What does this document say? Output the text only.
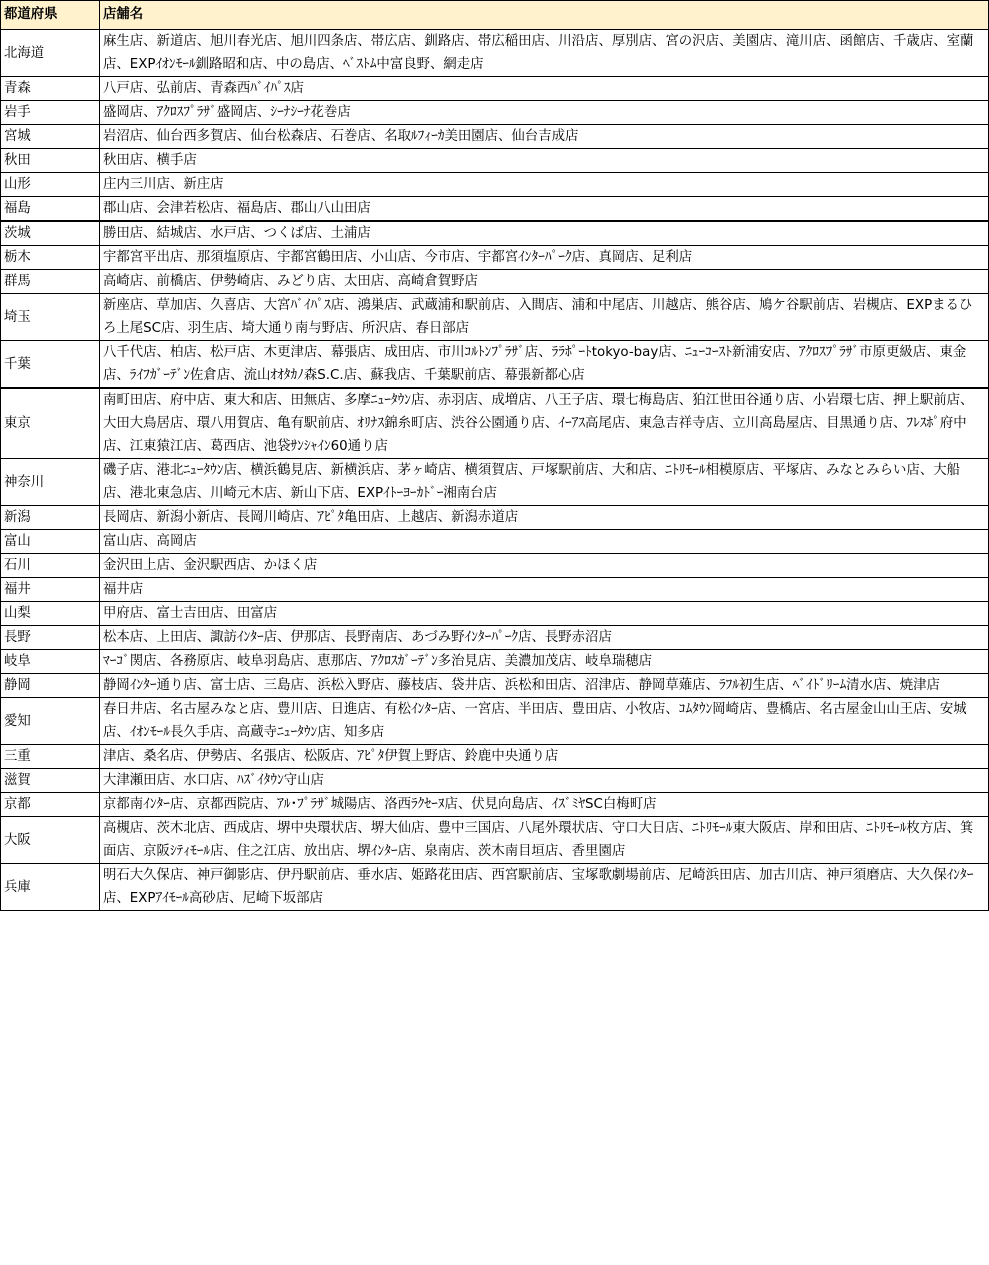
都道府県	店舗名
北海道	麻生店、新道店、旭川春光店、旭川四条店、帯広店、釧路店、帯広稲田店、川沿店、厚別店、宮の沢店、美園店、滝川店、函館店、千歳店、室蘭店、EXPｲｵﾝﾓｰﾙ釧路昭和店、中の島店、ﾍﾞｽﾄﾑ中富良野、網走店
青森	八戸店、弘前店、青森西ﾊﾞｲﾊﾟｽ店
岩手	盛岡店、ｱｸﾛｽﾌﾟﾗｻﾞ盛岡店、ｼｰﾅｼｰﾅ花巻店
宮城	岩沼店、仙台西多賀店、仙台松森店、石巻店、名取ﾙﾌｨｰｶ美田園店、仙台吉成店
秋田	秋田店、横手店
山形	庄内三川店、新庄店
福島	郡山店、会津若松店、福島店、郡山八山田店
茨城	勝田店、結城店、水戸店、つくば店、土浦店
栃木	宇都宮平出店、那須塩原店、宇都宮鶴田店、小山店、今市店、宇都宮ｲﾝﾀｰﾊﾟｰｸ店、真岡店、足利店
群馬	高崎店、前橋店、伊勢崎店、みどり店、太田店、高崎倉賀野店
埼玉	新座店、草加店、久喜店、大宮ﾊﾞｲﾊﾟｽ店、鴻巣店、武蔵浦和駅前店、入間店、浦和中尾店、川越店、熊谷店、鳩ケ谷駅前店、岩槻店、EXPまるひろ上尾SC店、羽生店、埼大通り南与野店、所沢店、春日部店
千葉	八千代店、柏店、松戸店、木更津店、幕張店、成田店、市川ｺﾙﾄﾝﾌﾟﾗｻﾞ店、ﾗﾗﾎﾟｰﾄtokyo-bay店、ﾆｭｰｺｰｽﾄ新浦安店、ｱｸﾛｽﾌﾟﾗｻﾞ市原更級店、東金店、ﾗｲﾌｶﾞｰﾃﾞﾝ佐倉店、流山ｵｵﾀｶﾉ森S.C.店、蘇我店、千葉駅前店、幕張新都心店
東京	南町田店、府中店、東大和店、田無店、多摩ﾆｭｰﾀｳﾝ店、赤羽店、成増店、八王子店、環七梅島店、狛江世田谷通り店、小岩環七店、押上駅前店、大田大鳥居店、環八用賀店、亀有駅前店、ｵﾘﾅｽ錦糸町店、渋谷公園通り店、ｲｰｱｽ高尾店、東急吉祥寺店、立川高島屋店、目黒通り店、ﾌﾚｽﾎﾟ府中店、江東猿江店、葛西店、池袋ｻﾝｼｬｲﾝ60通り店
神奈川	磯子店、港北ﾆｭｰﾀｳﾝ店、横浜鶴見店、新横浜店、茅ヶ崎店、横須賀店、戸塚駅前店、大和店、ﾆﾄﾘﾓｰﾙ相模原店、平塚店、みなとみらい店、大船店、港北東急店、川崎元木店、新山下店、EXPｲﾄｰﾖｰｶﾄﾞｰ湘南台店
新潟	長岡店、新潟小新店、長岡川崎店、ｱﾋﾟﾀ亀田店、上越店、新潟赤道店
富山	富山店、高岡店
石川	金沢田上店、金沢駅西店、かほく店
福井	福井店
山梨	甲府店、富士吉田店、田富店
長野	松本店、上田店、諏訪ｲﾝﾀｰ店、伊那店、長野南店、あづみ野ｲﾝﾀｰﾊﾟｰｸ店、長野赤沼店
岐阜	ﾏｰｺﾞ関店、各務原店、岐阜羽島店、恵那店、ｱｸﾛｽｶﾞｰﾃﾞﾝ多治見店、美濃加茂店、岐阜瑞穂店
静岡	静岡ｲﾝﾀｰ通り店、富士店、三島店、浜松入野店、藤枝店、袋井店、浜松和田店、沼津店、静岡草薙店、ﾗﾌﾙ初生店、ﾍﾞｲﾄﾞﾘｰﾑ清水店、焼津店
愛知	春日井店、名古屋みなと店、豊川店、日進店、有松ｲﾝﾀｰ店、一宮店、半田店、豊田店、小牧店、ｺﾑﾀｳﾝ岡崎店、豊橋店、名古屋金山山王店、安城店、ｲｵﾝﾓｰﾙ長久手店、高蔵寺ﾆｭｰﾀｳﾝ店、知多店
三重	津店、桑名店、伊勢店、名張店、松阪店、ｱﾋﾟﾀ伊賀上野店、鈴鹿中央通り店
滋賀	大津瀬田店、水口店、ﾊｽﾞｲﾀｳﾝ守山店
京都	京都南ｲﾝﾀｰ店、京都西院店、ｱﾙ･ﾌﾟﾗｻﾞ城陽店、洛西ﾗｸｾｰﾇ店、伏見向島店、ｲｽﾞﾐﾔSC白梅町店
大阪	高槻店、茨木北店、西成店、堺中央環状店、堺大仙店、豊中三国店、八尾外環状店、守口大日店、ﾆﾄﾘﾓｰﾙ東大阪店、岸和田店、ﾆﾄﾘﾓｰﾙ枚方店、箕面店、京阪ｼﾃｨﾓｰﾙ店、住之江店、放出店、堺ｲﾝﾀｰ店、泉南店、茨木南目垣店、香里園店
兵庫	明石大久保店、神戸御影店、伊丹駅前店、垂水店、姫路花田店、西宮駅前店、宝塚歌劇場前店、尼崎浜田店、加古川店、神戸須磨店、大久保ｲﾝﾀｰ店、EXPｱｲﾓｰﾙ高砂店、尼崎下坂部店
